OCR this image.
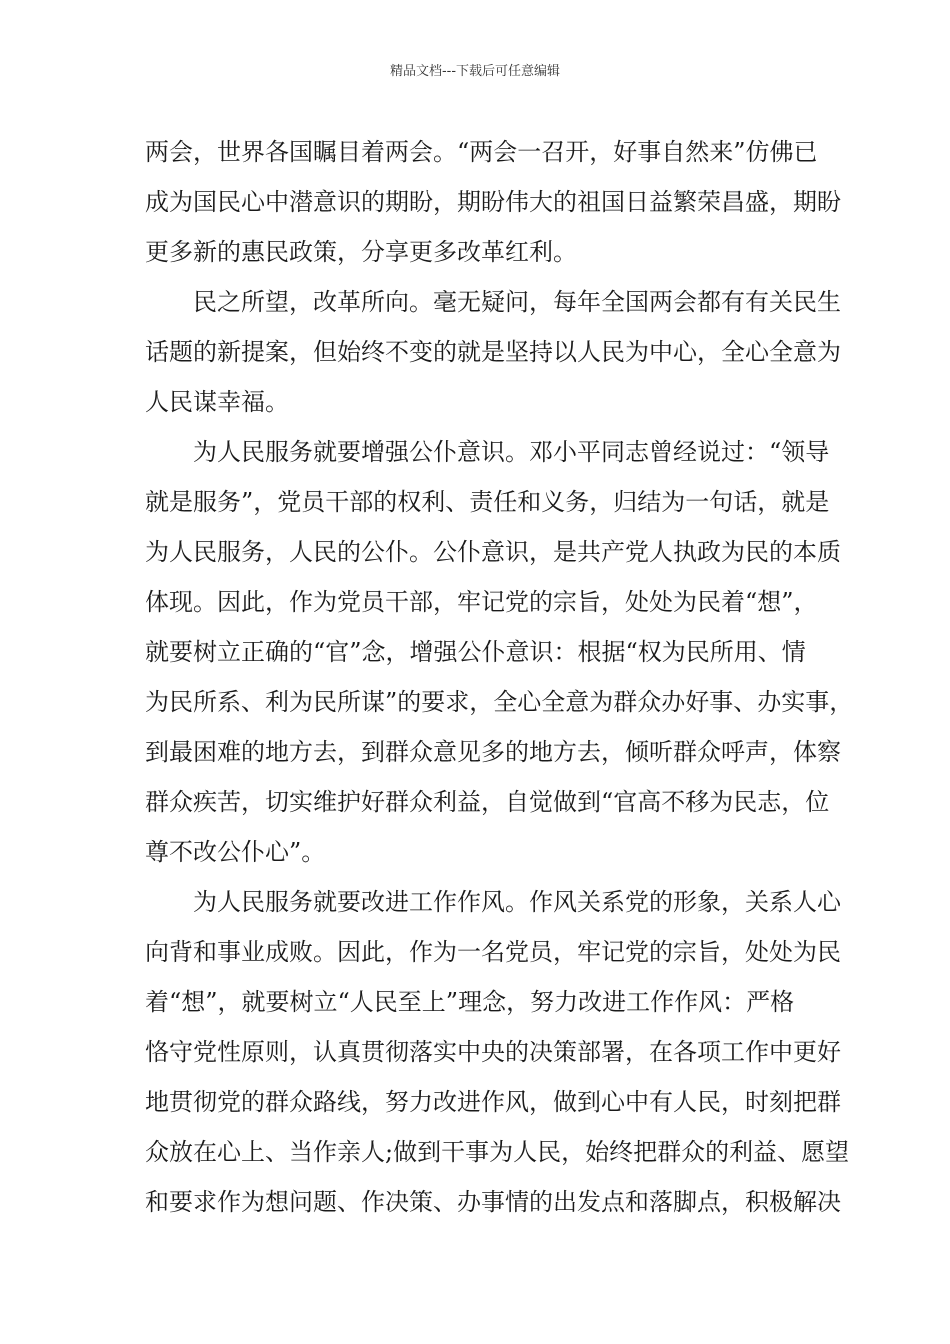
精品文档---下载后可任意编辑
两会，世界各国瞩目着两会。“两会一召开，好事自然来”仿佛已
成为国民心中潜意识的期盼，期盼伟大的祖国日益繁荣昌盛，期盼
更多新的惠民政策，分享更多改革红利。
民之所望，改革所向。毫无疑问，每年全国两会都有有关民生
话题的新提案，但始终不变的就是坚持以人民为中心，全心全意为
人民谋幸福。
为人民服务就要增强公仆意识。邓小平同志曾经说过：“领导
就是服务”，党员干部的权利、责任和义务，归结为一句话，就是
为人民服务，人民的公仆。公仆意识，是共产党人执政为民的本质
体现。因此，作为党员干部，牢记党的宗旨，处处为民着“想”，
就要树立正确的“官”念，增强公仆意识：根据“权为民所用、情
为民所系、利为民所谋”的要求，全心全意为群众办好事、办实事，
到最困难的地方去，到群众意见多的地方去，倾听群众呼声，体察
群众疾苦，切实维护好群众利益，自觉做到“官高不移为民志，位
尊不改公仆心”。
为人民服务就要改进工作作风。作风关系党的形象，关系人心
向背和事业成败。因此，作为一名党员，牢记党的宗旨，处处为民
着“想”，就要树立“人民至上”理念，努力改进工作作风：严格
恪守党性原则，认真贯彻落实中央的决策部署，在各项工作中更好
地贯彻党的群众路线，努力改进作风，做到心中有人民，时刻把群
众放在心上、当作亲人;做到干事为人民，始终把群众的利益、愿望
和要求作为想问题、作决策、办事情的出发点和落脚点，积极解决
